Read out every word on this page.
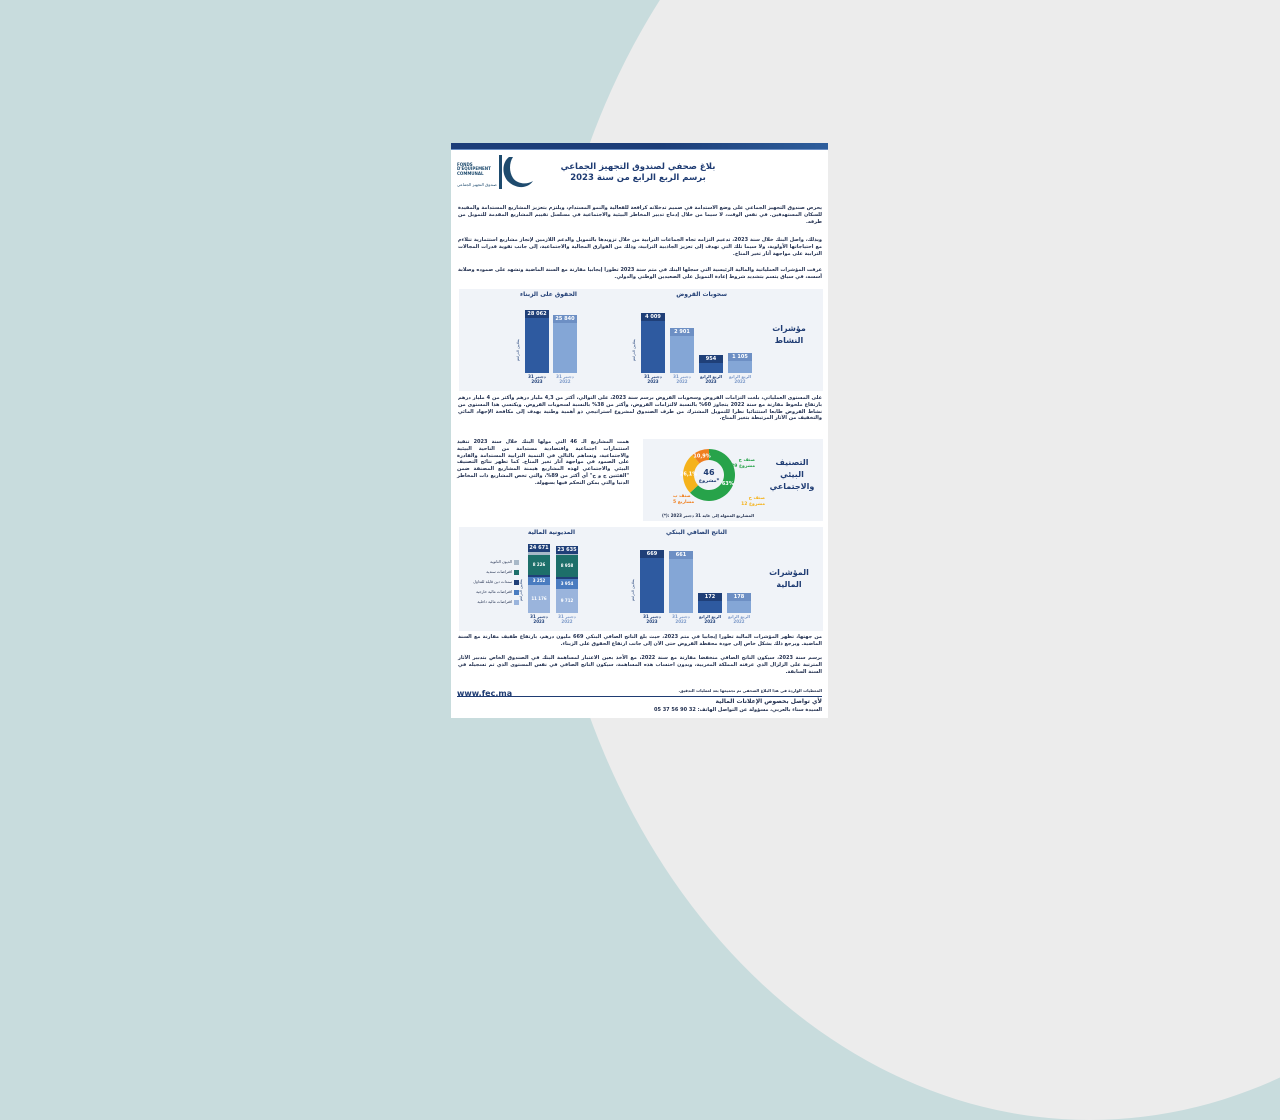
FONDS
D'ÉQUIPEMENT
COMMUNAL
صندوق التجهيز الجماعي
بلاغ صحفي لصندوق التجهيز الجماعي
برسم الربع الرابع من سنة 2023
يحرص صندوق التجهيز الجماعي على وضع الاستدامة في صميم تدخلاته كرافعة للفعالية والنمو المستدام، ويلتزم بتعزيز المشاريع المستدامة والمفيدة للسكان المستهدفين. في نفس الوقت، لا سيما من خلال إدماج تدبير المخاطر البيئية والاجتماعية في مسلسل تقييم المشاريع المقدمة للتمويل من طرفه.
وبذلك، واصل البنك خلال سنة 2023، تدعيم التزامه تجاه الجماعات الترابية من خلال تزويدها بالتمويل والدعم اللازمين لإنجاز مشاريع استثمارية تتلاءم مع احتياجاتها الأولوية، ولا سيما تلك التي تهدف إلى تعزيز الجاذبية الترابية، وذلك من الفوارق المجالية والاجتماعية، إلى جانب تقوية قدرات المجالات الترابية على مواجهة آثار تغير المناخ.
عرفت المؤشرات العملياتية والمالية الرئيسية التي سجلها البنك في متم سنة 2023 تطورا إيجابيا مقارنة مع السنة الماضية وتشهد على صموده وصلابة أسسه، في سياق يتسم بتشديد شروط إعادة التمويل على الصعيدين الوطني والدولي.
مؤشرات النشاط
سحوبات القروض
الحقوق على الزبناء
4 009
31 دجنبر
2023
2 901
31 دجنبر
2022
954
الربع الرابع
2023
1 105
الربع الرابع
2022
بملايين الدراهم
28 062
31 دجنبر
2023
25 840
31 دجنبر
2022
بملايين الدراهم
على المستوى العملياتي، بلغت التزامات القروض وسحوبات القروض برسم سنة 2023، على التوالي، أكثر من 4,3 مليار درهم وأكثر من 4 مليار درهم بارتفاع ملحوظ مقارنة مع سنة 2022 يتجاوز 60% بالنسبة لالتزامات القروض، وأكثر من 38% بالنسبة لسحوبات القروض. ويكتسي هذا المستوى من نشاط القروض طابعا استثنائيا نظرا للتمويل المشترك من طرف الصندوق لمشروع استراتيجي ذو أهمية وطنية يهدف إلى مكافحة الإجهاد المائي والتخفيف من الآثار المرتبطة بتغير المناخ.
التصنيف البيئي والاجتماعي
63%
26,1%
10,9%
46
مشروع*
صنف ج
29 مشروع
صنف ح
12 مشروع
صنف ب
5 مشاريع
(*): المشاريع الممولة إلى غاية 31 دجنبر 2023
همت المشاريع الـ 46 التي مولها البنك خلال سنة 2023 تنفيذ استثمارات اجتماعية واقتصادية مستدامة من الناحية البيئية والاجتماعية، وتساهم بالتالي في التنمية الترابية المستدامة والقادرة على الصمود في مواجهة آثار تغير المناخ. كما تظهر نتائج التصنيف البيئي والاجتماعي لهذه المشاريع هيمنة المشاريع المصنفة ضمن "الفئتين ج و ح" أي أكثر من 89%، والتي تخص المشاريع ذات المخاطر الدنيا والتي يمكن التحكم فيها بسهولة.
المؤشرات المالية
الناتج الصافي البنكي
المديونية المالية
669
31 دجنبر
2023
661
31 دجنبر
2022
172
الربع الرابع
2023
178
الربع الرابع
2022
بملايين الدراهم
11 176
3 252
8 226
24 671
31 دجنبر
2023
9 712
3 954
8 958
23 635
31 دجنبر
2022
بملايين الدراهم
الديون الثانوية
اقتراضات سندية
سندات دين قابلة للتداول
اقتراضات مالية خارجية
اقتراضات مالية داخلية
من جهتها، تظهر المؤشرات المالية تطورا إيجابيا في متم 2023، حيث بلغ الناتج الصافي البنكي 669 مليون درهم، بارتفاع طفيف مقارنة مع السنة الماضية. ويرجع ذلك بشكل خاص إلى جودة محفظة القروض حتى الآن إلى جانب ارتفاع الحقوق على الزبناء.
برسم سنة 2023، سيكون الناتج الصافي منخفضا مقارنة مع سنة 2022، مع الأخذ بعين الاعتبار لمساهمة البنك في الصندوق الخاص بتدبير الآثار المترتبة على الزلزال الذي عرفته المملكة المغربية، وبدون احتساب هذه المساهمة، سيكون الناتج الصافي في نفس المستوى الذي تم تسجيله في السنة السابقة.
المعطيات الواردة في هذا البلاغ الصحفي تم تجميعها بعد لعمليات التدقيق.
www.fec.ma
لأي تواصل بخصوص الإعلانات المالية
السيدة سناء بالعربي، مسؤولة عن التواصل الهاتف: 32 90 56 37 05
